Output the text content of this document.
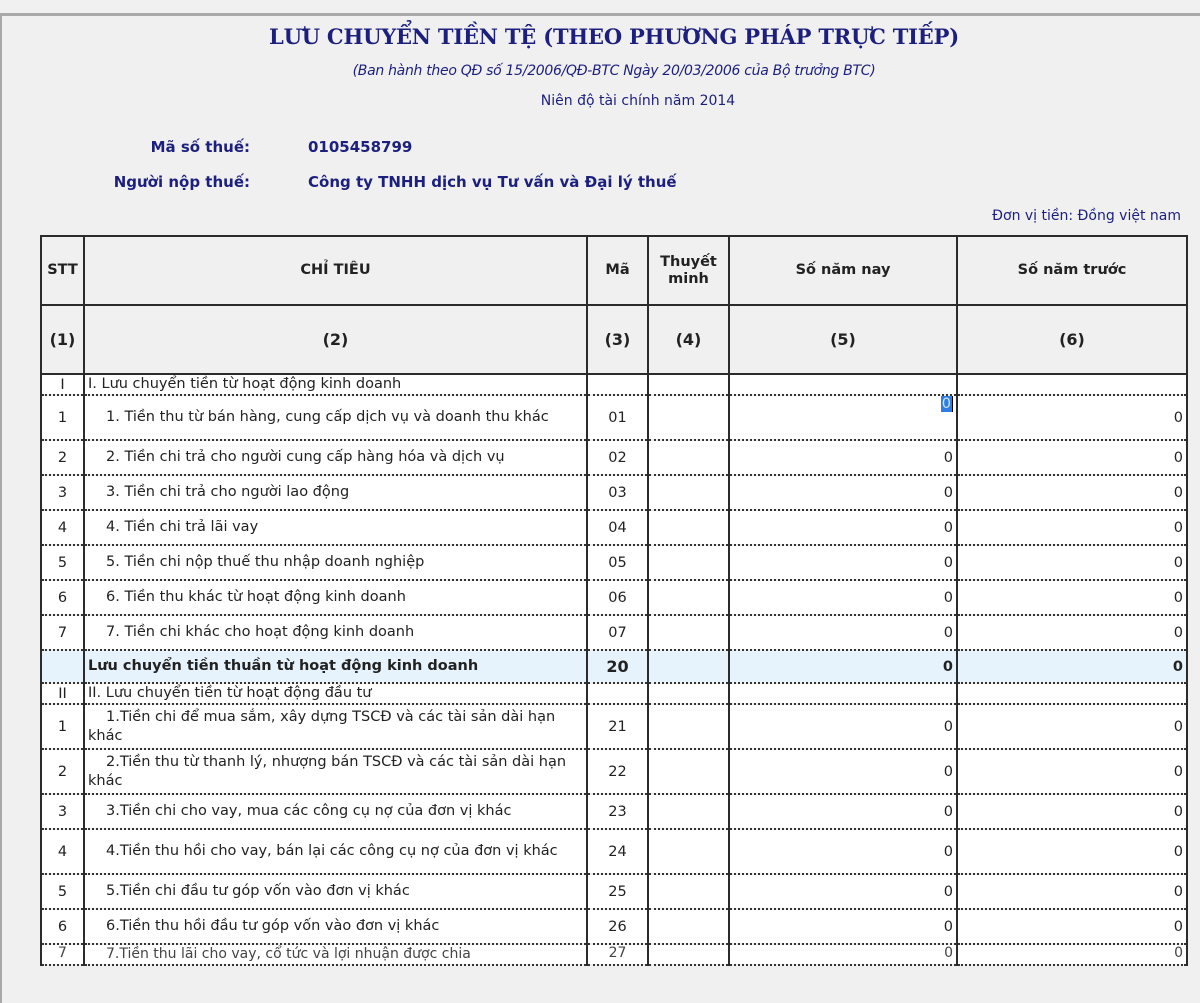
LƯU CHUYỂN TIỀN TỆ (THEO PHƯƠNG PHÁP TRỰC TIẾP)
(Ban hành theo QĐ số 15/2006/QĐ-BTC Ngày 20/03/2006 của Bộ trưởng BTC)
Niên độ tài chính năm 2014
Mã số thuế:	0105458799
Người nộp thuế:	Công ty TNHH dịch vụ Tư vấn và Đại lý thuế
Đơn vị tiền: Đồng việt nam
STT	CHỈ TIÊU	Mã	Thuyết minh	Số năm nay	Số năm trước
(1)	(2)	(3)	(4)	(5)	(6)
I	I. Lưu chuyển tiền từ hoạt động kinh doanh				
1	1. Tiền thu từ bán hàng, cung cấp dịch vụ và doanh thu khác	01		0	0
2	2. Tiền chi trả cho người cung cấp hàng hóa và dịch vụ	02		0	0
3	3. Tiền chi trả cho người lao động	03		0	0
4	4. Tiền chi trả lãi vay	04		0	0
5	5. Tiền chi nộp thuế thu nhập doanh nghiệp	05		0	0
6	6. Tiền thu khác từ hoạt động kinh doanh	06		0	0
7	7. Tiền chi khác cho hoạt động kinh doanh	07		0	0
	Lưu chuyển tiền thuần từ hoạt động kinh doanh	20		0	0
II	II. Lưu chuyển tiền từ hoạt động đầu tư				
1	1.Tiền chi để mua sắm, xây dựng TSCĐ và các tài sản dài hạn khác	21		0	0
2	2.Tiền thu từ thanh lý, nhượng bán TSCĐ và các tài sản dài hạn khác	22		0	0
3	3.Tiền chi cho vay, mua các công cụ nợ của đơn vị khác	23		0	0
4	4.Tiền thu hồi cho vay, bán lại các công cụ nợ của đơn vị khác	24		0	0
5	5.Tiền chi đầu tư góp vốn vào đơn vị khác	25		0	0
6	6.Tiền thu hồi đầu tư góp vốn vào đơn vị khác	26		0	0
7	7.Tiền thu lãi cho vay, cổ tức và lợi nhuận được chia	27		0	0
